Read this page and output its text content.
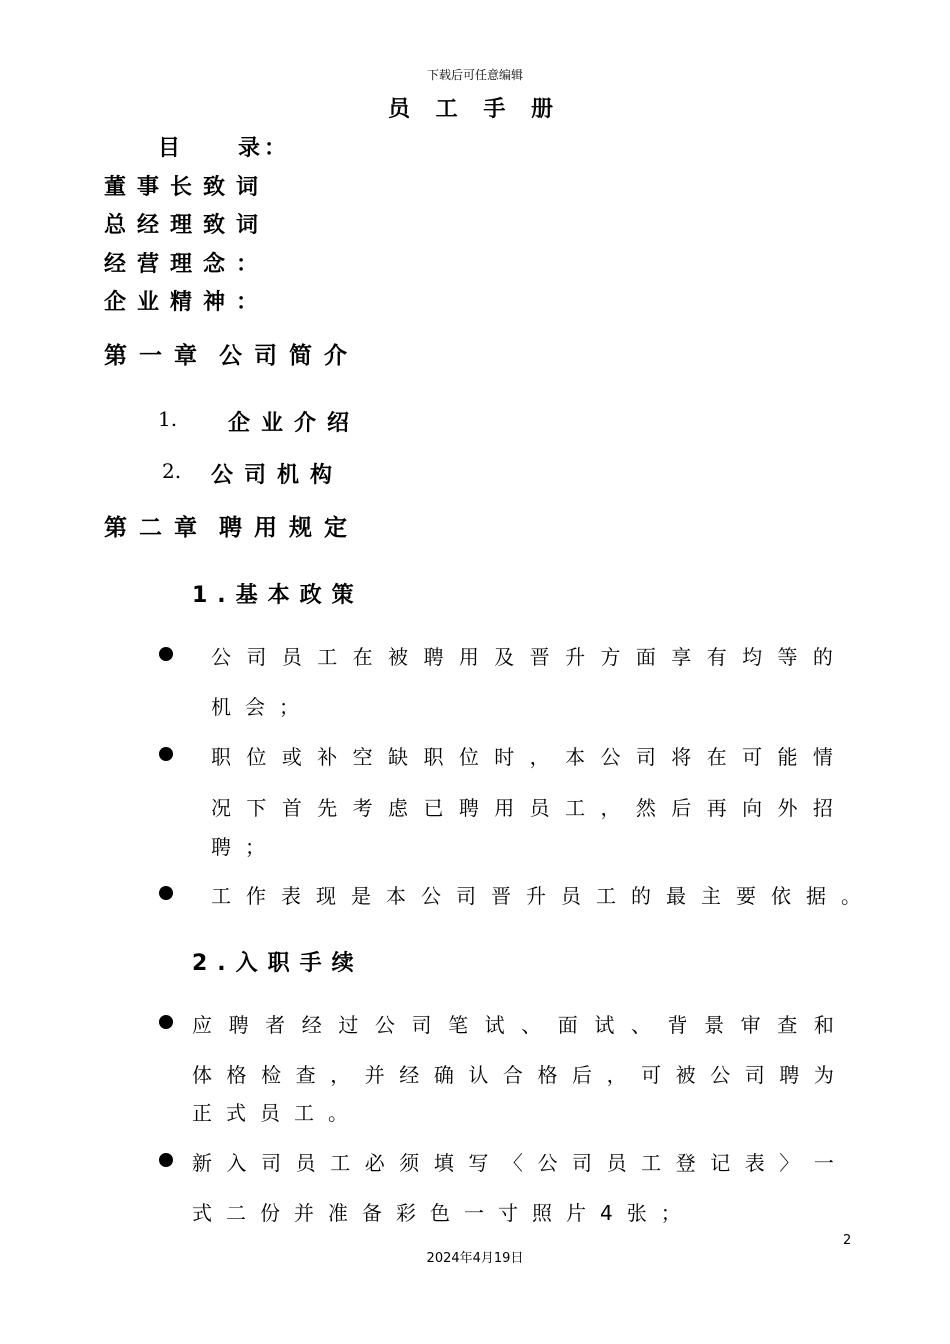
下载后可任意编辑
员 工 手 册
目录：
董事长致词
总经理致词
经营理念：
企业精神：
第一章 公司简介
1. 企业介绍
2. 公司机构
第二章 聘用规定
1.基本政策
公 司 员 工 在 被 聘 用 及 晋 升 方 面 享 有 均 等 的
机会；
职 位 或 补 空 缺 职 位 时 ， 本 公 司 将 在 可 能 情
况 下 首 先 考 虑 已 聘 用 员 工 ， 然 后 再 向 外 招
聘；
工 作 表 现 是 本 公 司 晋 升 员 工 的 最 主 要 依 据 。
2.入职手续
应 聘 者 经 过 公 司 笔 试 、 面 试 、 背 景 审 查 和
体 格 检 查 ， 并 经 确 认 合 格 后 ， 可 被 公 司 聘 为
正式员工。
新 入 司 员 工 必 须 填 写 〈 公 司 员 工 登 记 表 〉 一
式二份并准备彩色一寸照片4张；
2
2024年4月19日
